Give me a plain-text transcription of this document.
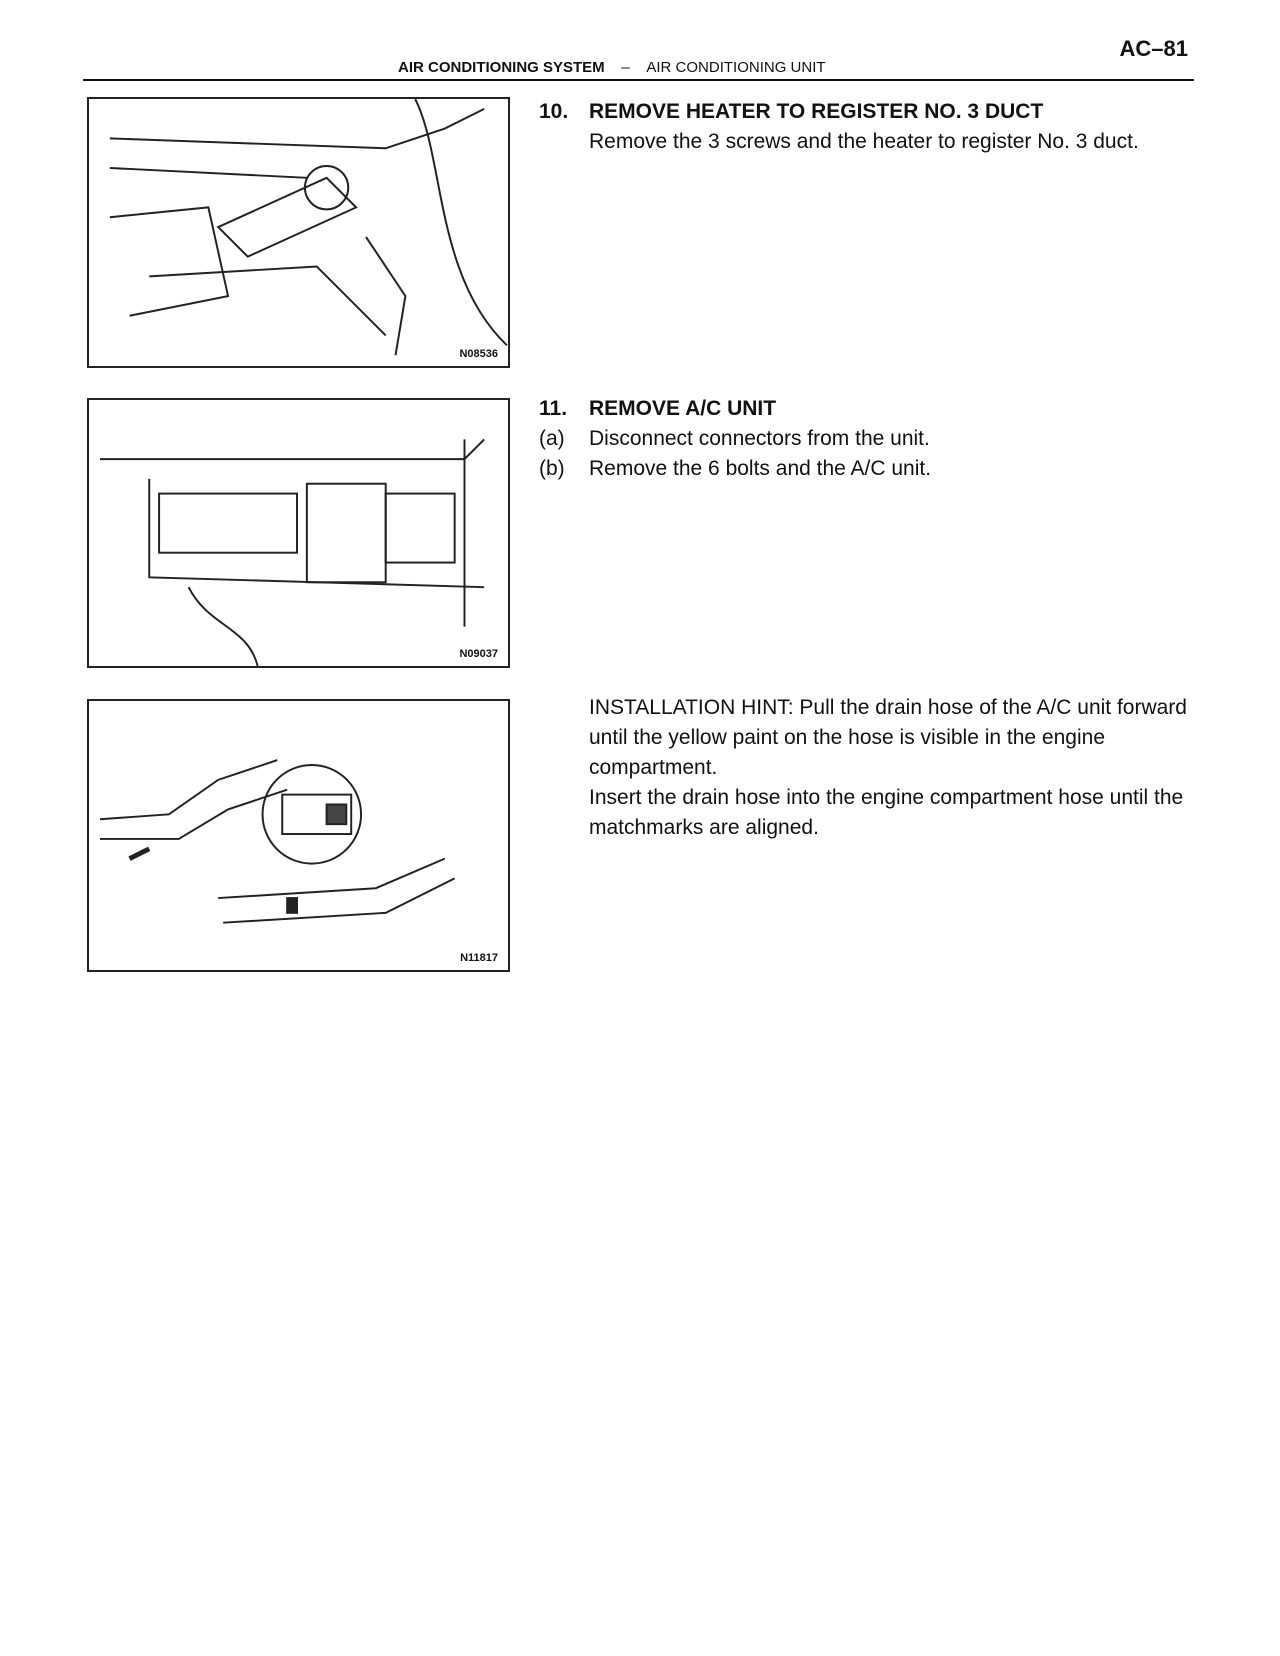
AC–81
AIR CONDITIONING SYSTEM – AIR CONDITIONING UNIT
N08536
N09037
N11817
10. REMOVE HEATER TO REGISTER NO. 3 DUCT
Remove the 3 screws and the heater to register No. 3 duct.
11. REMOVE A/C UNIT
(a) Disconnect connectors from the unit.
(b) Remove the 6 bolts and the A/C unit.
INSTALLATION HINT: Pull the drain hose of the A/C unit forward until the yellow paint on the hose is visible in the engine compartment.
Insert the drain hose into the engine compartment hose until the matchmarks are aligned.
